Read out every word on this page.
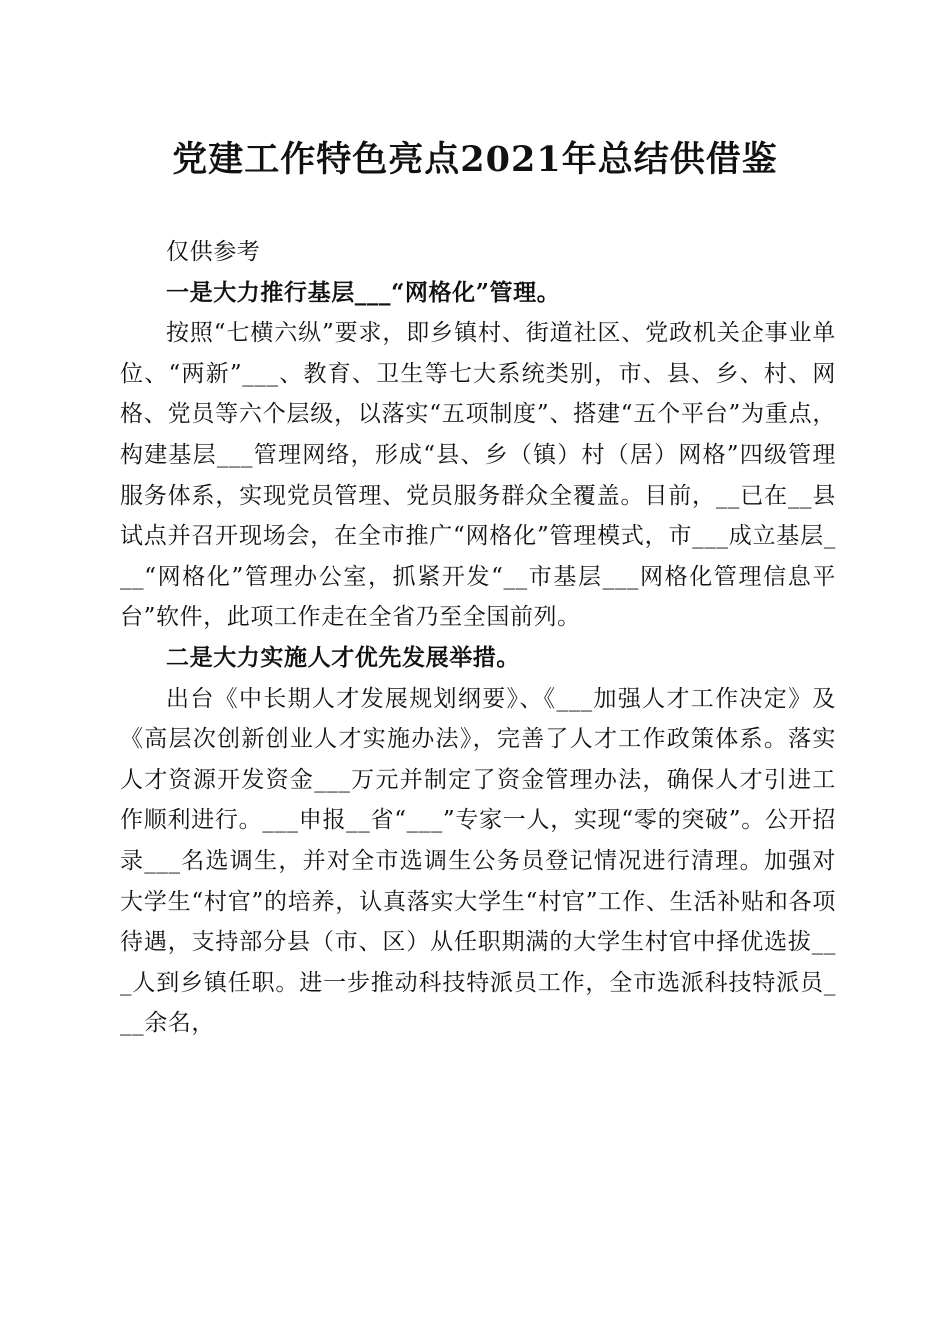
党建工作特色亮点2021年总结供借鉴

仅供参考

一是大力推行基层___“网格化”管理。

按照“七横六纵”要求，即乡镇村、街道社区、党政机关企事业单位、“两新”___、教育、卫生等七大系统类别，市、县、乡、村、网格、党员等六个层级，以落实“五项制度”、搭建“五个平台”为重点，构建基层___管理网络，形成“县、乡（镇）村（居）网格”四级管理服务体系，实现党员管理、党员服务群众全覆盖。目前，__已在__县试点并召开现场会，在全市推广“网格化”管理模式，市___成立基层___“网格化”管理办公室，抓紧开发“__市基层___网格化管理信息平台”软件，此项工作走在全省乃至全国前列。

二是大力实施人才优先发展举措。

出台《中长期人才发展规划纲要》、《___加强人才工作决定》及《高层次创新创业人才实施办法》，完善了人才工作政策体系。落实人才资源开发资金___万元并制定了资金管理办法，确保人才引进工作顺利进行。___申报__省“___”专家一人，实现“零的突破”。公开招录___名选调生，并对全市选调生公务员登记情况进行清理。加强对大学生“村官”的培养，认真落实大学生“村官”工作、生活补贴和各项待遇，支持部分县（市、区）从任职期满的大学生村官中择优选拔___人到乡镇任职。进一步推动科技特派员工作，全市选派科技特派员___余名，
